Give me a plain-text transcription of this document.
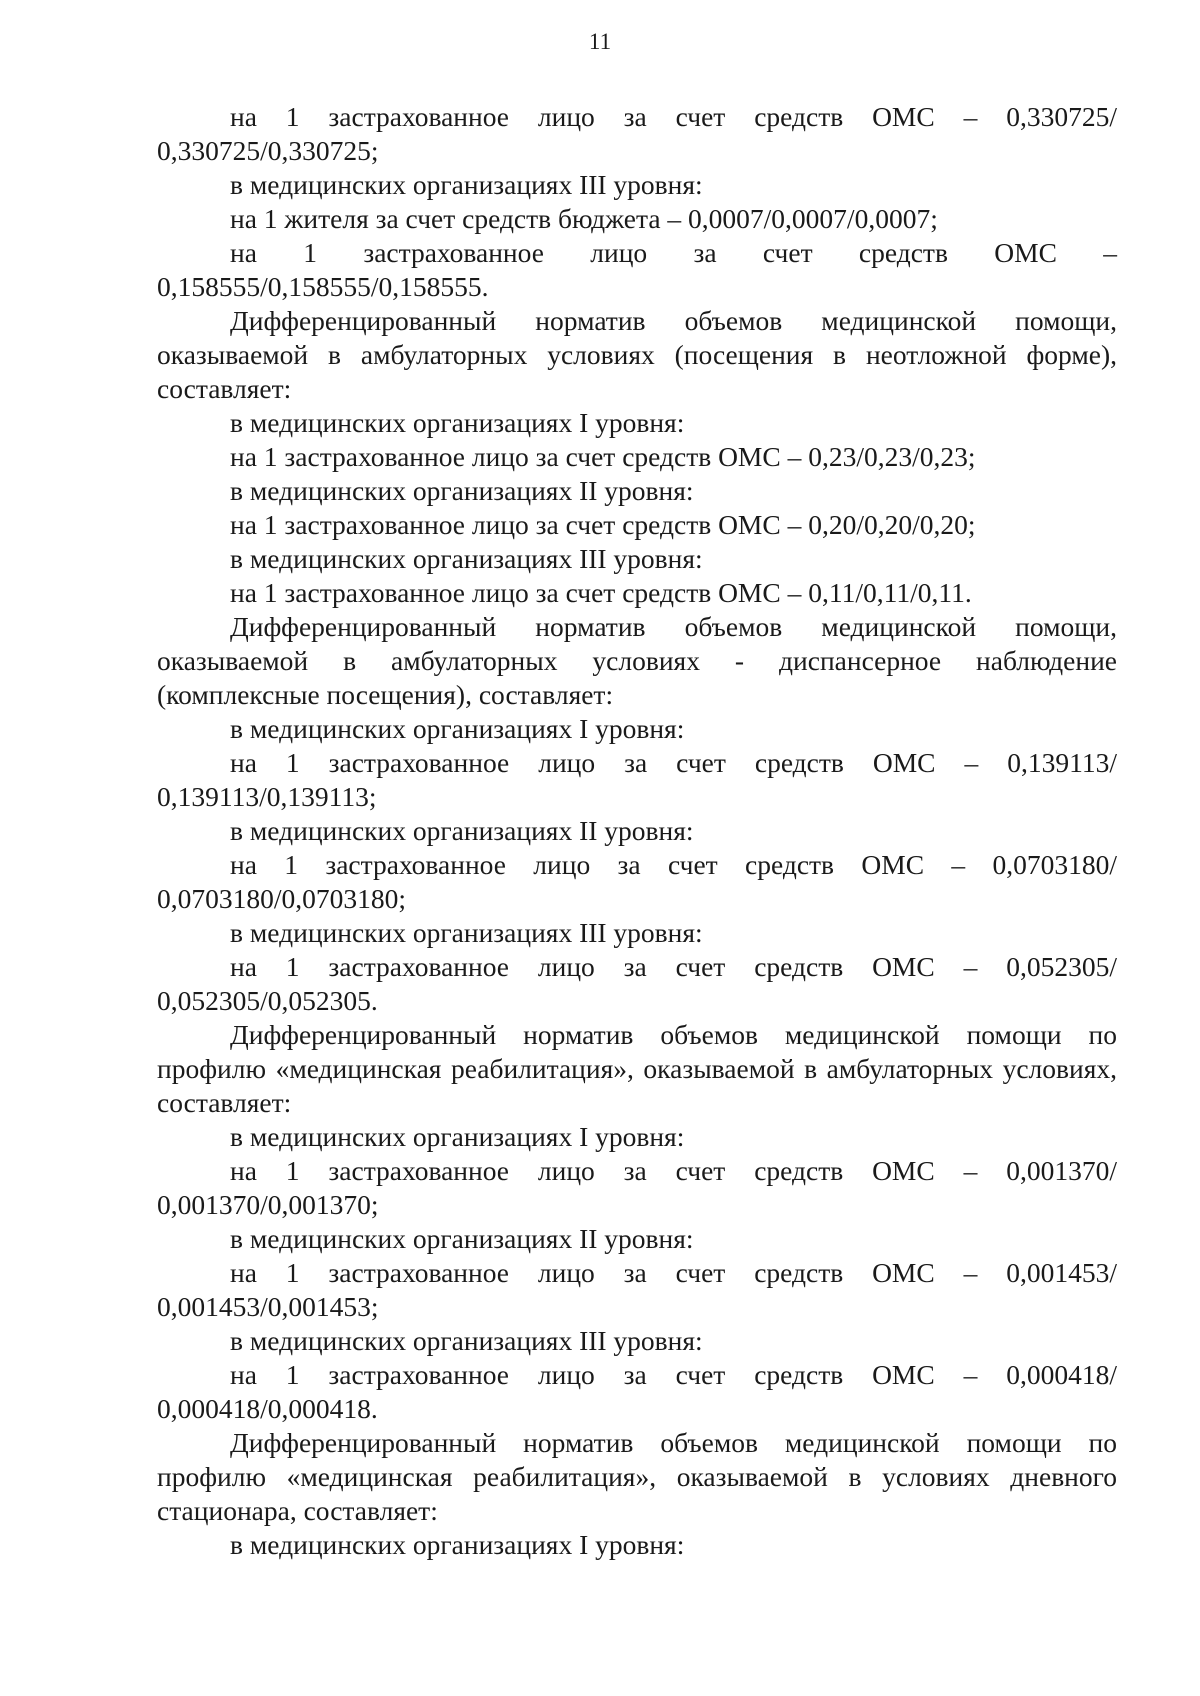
11

на 1 застрахованное лицо за счет средств ОМС – 0,330725/ 0,330725/0,330725;

в медицинских организациях III уровня:

на 1 жителя за счет средств бюджета – 0,0007/0,0007/0,0007;

на 1 застрахованное лицо за счет средств ОМС – 0,158555/0,158555/0,158555.

Дифференцированный норматив объемов медицинской помощи, оказываемой в амбулаторных условиях (посещения в неотложной форме), составляет:

в медицинских организациях I уровня:

на 1 застрахованное лицо за счет средств ОМС – 0,23/0,23/0,23;

в медицинских организациях II уровня:

на 1 застрахованное лицо за счет средств ОМС – 0,20/0,20/0,20;

в медицинских организациях III уровня:

на 1 застрахованное лицо за счет средств ОМС – 0,11/0,11/0,11.

Дифференцированный норматив объемов медицинской помощи, оказываемой в амбулаторных условиях - диспансерное наблюдение (комплексные посещения), составляет:

в медицинских организациях I уровня:

на 1 застрахованное лицо за счет средств ОМС – 0,139113/ 0,139113/0,139113;

в медицинских организациях II уровня:

на 1 застрахованное лицо за счет средств ОМС – 0,0703180/ 0,0703180/0,0703180;

в медицинских организациях III уровня:

на 1 застрахованное лицо за счет средств ОМС – 0,052305/ 0,052305/0,052305.

Дифференцированный норматив объемов медицинской помощи по профилю «медицинская реабилитация», оказываемой в амбулаторных условиях, составляет:

в медицинских организациях I уровня:

на 1 застрахованное лицо за счет средств ОМС – 0,001370/ 0,001370/0,001370;

в медицинских организациях II уровня:

на 1 застрахованное лицо за счет средств ОМС – 0,001453/ 0,001453/0,001453;

в медицинских организациях III уровня:

на 1 застрахованное лицо за счет средств ОМС – 0,000418/ 0,000418/0,000418.

Дифференцированный норматив объемов медицинской помощи по профилю «медицинская реабилитация», оказываемой в условиях дневного стационара, составляет:

в медицинских организациях I уровня:
